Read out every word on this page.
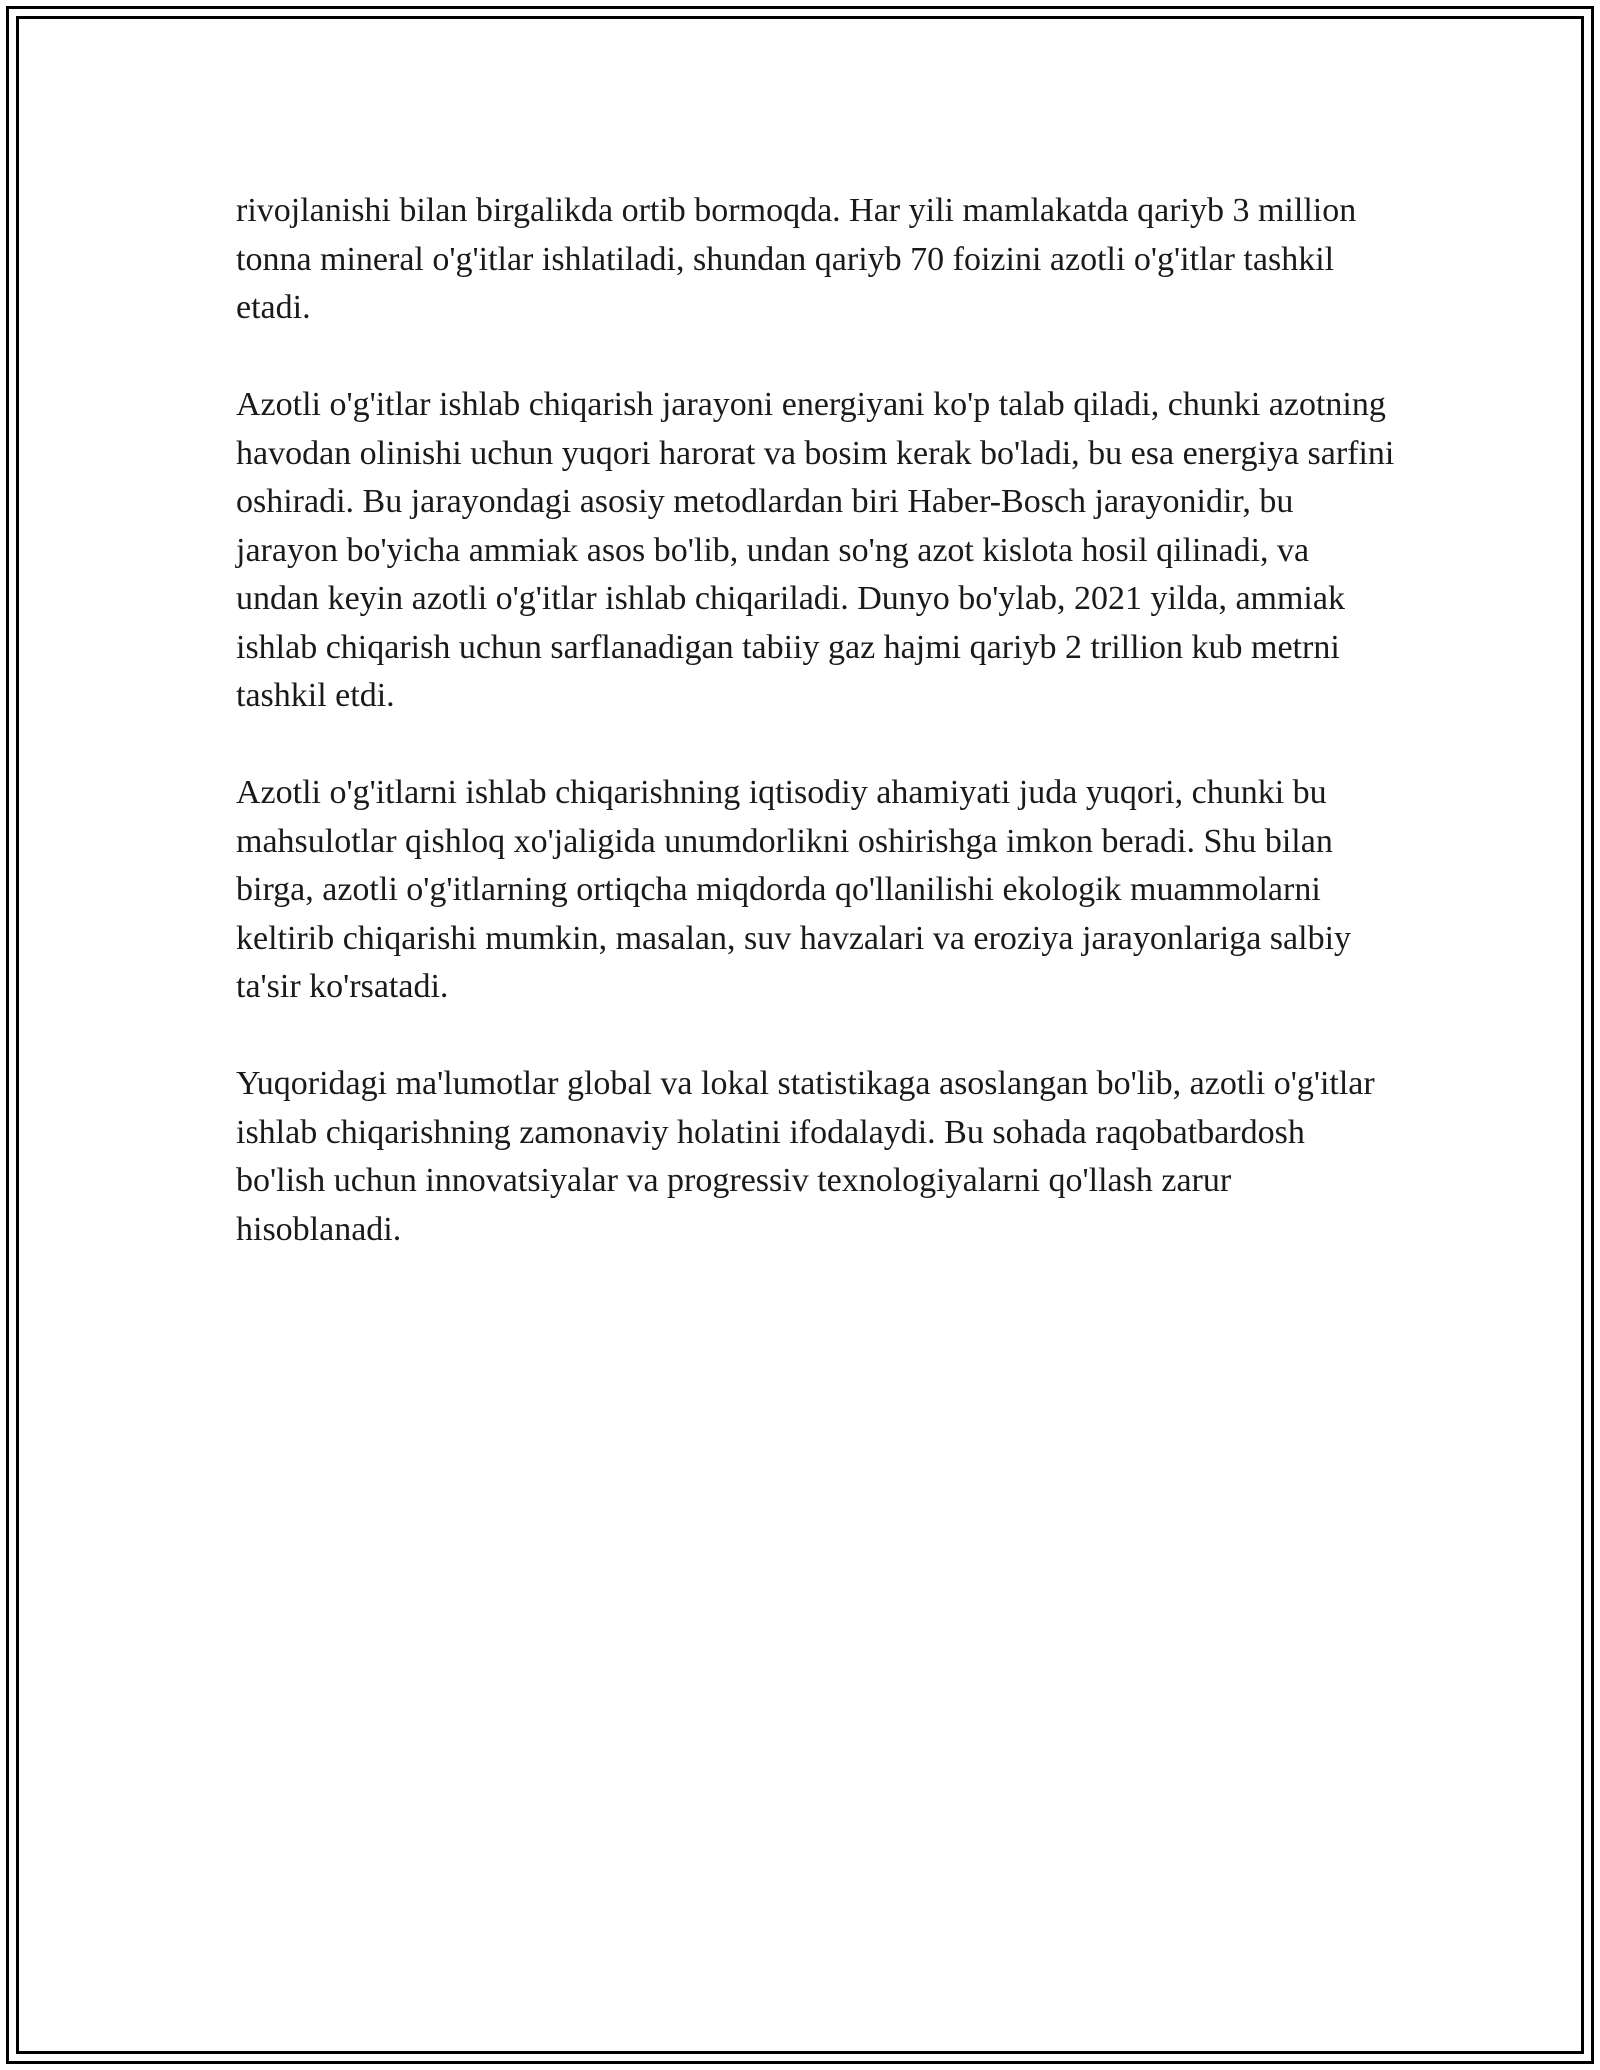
rivojlanishi bilan birgalikda ortib bormoqda. Har yili mamlakatda qariyb 3 million tonna mineral o'g'itlar ishlatiladi, shundan qariyb 70 foizini azotli o'g'itlar tashkil etadi.

Azotli o'g'itlar ishlab chiqarish jarayoni energiyani ko'p talab qiladi, chunki azotning havodan olinishi uchun yuqori harorat va bosim kerak bo'ladi, bu esa energiya sarfini oshiradi. Bu jarayondagi asosiy metodlardan biri Haber-Bosch jarayonidir, bu jarayon bo'yicha ammiak asos bo'lib, undan so'ng azot kislota hosil qilinadi, va undan keyin azotli o'g'itlar ishlab chiqariladi. Dunyo bo'ylab, 2021 yilda, ammiak ishlab chiqarish uchun sarflanadigan tabiiy gaz hajmi qariyb 2 trillion kub metrni tashkil etdi.

Azotli o'g'itlarni ishlab chiqarishning iqtisodiy ahamiyati juda yuqori, chunki bu mahsulotlar qishloq xo'jaligida unumdorlikni oshirishga imkon beradi. Shu bilan birga, azotli o'g'itlarning ortiqcha miqdorda qo'llanilishi ekologik muammolarni keltirib chiqarishi mumkin, masalan, suv havzalari va eroziya jarayonlariga salbiy ta'sir ko'rsatadi.

Yuqoridagi ma'lumotlar global va lokal statistikaga asoslangan bo'lib, azotli o'g'itlar ishlab chiqarishning zamonaviy holatini ifodalaydi. Bu sohada raqobatbardosh bo'lish uchun innovatsiyalar va progressiv texnologiyalarni qo'llash zarur hisoblanadi.
